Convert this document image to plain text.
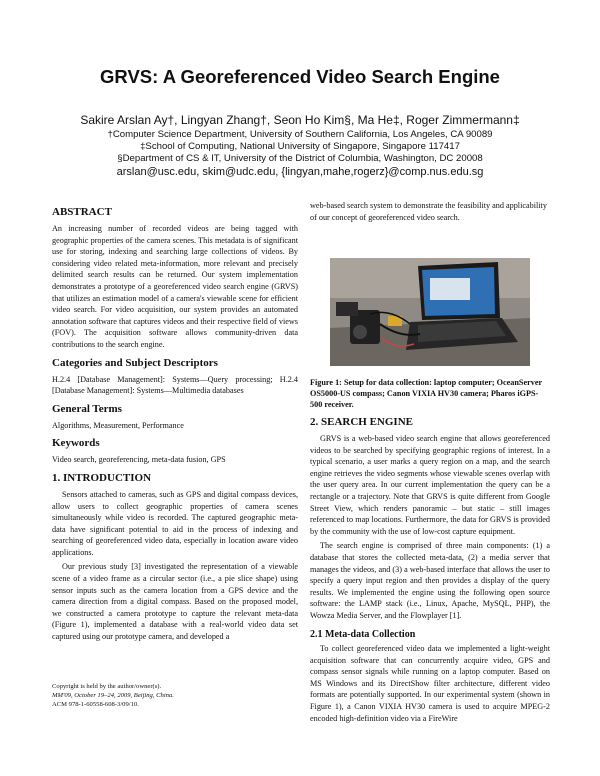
GRVS: A Georeferenced Video Search Engine
Sakire Arslan Ay†, Lingyan Zhang†, Seon Ho Kim§, Ma He‡, Roger Zimmermann‡
†Computer Science Department, University of Southern California, Los Angeles, CA 90089
‡School of Computing, National University of Singapore, Singapore 117417
§Department of CS & IT, University of the District of Columbia, Washington, DC 20008
arslan@usc.edu, skim@udc.edu, {lingyan,mahe,rogerz}@comp.nus.edu.sg
ABSTRACT

An increasing number of recorded videos are being tagged with geographic properties of the camera scenes. This metadata is of significant use for storing, indexing and searching large collections of videos. By considering video related meta-information, more relevant and precisely delimited search results can be returned. Our system implementation demonstrates a prototype of a georeferenced video search engine (GRVS) that utilizes an estimation model of a camera's viewable scene for efficient video search. For video acquisition, our system provides an automated annotation software that captures videos and their respective field of views (FOV). The acquisition software allows community-driven data contributions to the search engine.

Categories and Subject Descriptors

H.2.4 [Database Management]: Systems—Query processing; H.2.4 [Database Management]: Systems—Multimedia databases

General Terms

Algorithms, Measurement, Performance

Keywords

Video search, georeferencing, meta-data fusion, GPS

1. INTRODUCTION

Sensors attached to cameras, such as GPS and digital compass devices, allow users to collect geographic properties of camera scenes simultaneously while video is recorded. The captured geographic meta-data have significant potential to aid in the process of indexing and searching of georeferenced video data, especially in location aware video applications.

Our previous study [3] investigated the representation of a viewable scene of a video frame as a circular sector (i.e., a pie slice shape) using sensor inputs such as the camera location from a GPS device and the camera direction from a digital compass. Based on the proposed model, we constructed a camera prototype to capture the relevant meta-data (Figure 1), implemented a database with a real-world video data set captured using our prototype camera, and developed a

Copyright is held by the author/owner(s).
MM'09, October 19–24, 2009, Beijing, China.
ACM 978-1-60558-608-3/09/10.
web-based search system to demonstrate the feasibility and applicability of our concept of georeferenced video search.
Figure 1: Setup for data collection: laptop computer; OceanServer OS5000-US compass; Canon VIXIA HV30 camera; Pharos iGPS-500 receiver.
2. SEARCH ENGINE

GRVS is a web-based video search engine that allows georeferenced videos to be searched by specifying geographic regions of interest. In a typical scenario, a user marks a query region on a map, and the search engine retrieves the video segments whose viewable scenes overlap with the user query area. In our current implementation the query can be a rectangle or a trajectory. Note that GRVS is quite different from Google Street View, which renders panoramic – but static – still images referenced to map locations. Furthermore, the data for GRVS is provided by the community with the use of low-cost capture equipment.

The search engine is comprised of three main components: (1) a database that stores the collected meta-data, (2) a media server that manages the videos, and (3) a web-based interface that allows the user to specify a query input region and then provides a display of the query results. We implemented the engine using the following open source software: the LAMP stack (i.e., Linux, Apache, MySQL, PHP), the Wowza Media Server, and the Flowplayer [1].

2.1 Meta-data Collection

To collect georeferenced video data we implemented a light-weight acquisition software that can concurrently acquire video, GPS and compass sensor signals while running on a laptop computer. Based on MS Windows and its DirectShow filter architecture, different video formats are potentially supported. In our experimental system (shown in Figure 1), a Canon VIXIA HV30 camera is used to acquire MPEG-2 encoded high-definition video via a FireWire
